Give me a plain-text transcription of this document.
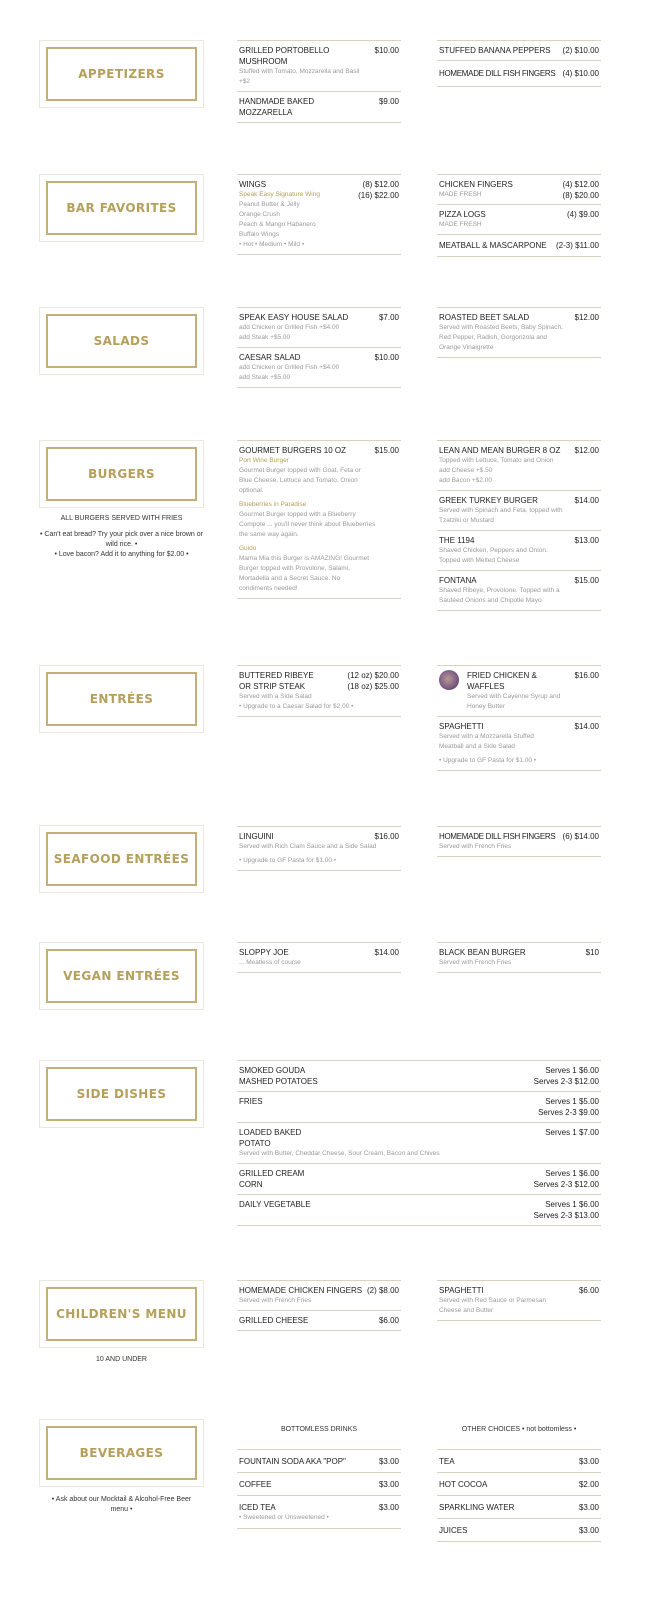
APPETIZERS
GRILLED PORTOBELLO MUSHROOM
$10.00
Stuffed with Tomato, Mozzarella and Basil +$2
HANDMADE BAKED MOZZARELLA
$9.00
STUFFED BANANA PEPPERS (2) $10.00
HOMEMADE DILL FISH FINGERS (4) $10.00
BAR FAVORITES
WINGS	(8) $12.00
(16) $22.00
Speak Easy Signature Wing
Peanut Butter & Jelly
Orange Crush
Peach & Mango Habanero
Buffalo Wings
• Hot • Medium • Mild •
CHICKEN FINGERS	(4) $12.00
(8) $20.00
MADE FRESH
PIZZA LOGS	(4) $9.00
MADE FRESH
MEATBALL & MASCARPONE (2-3) $11.00
SALADS
SPEAK EASY HOUSE SALAD	$7.00
add Chicken or Grilled Fish +$4.00
add Steak +$5.00
CAESAR SALAD	$10.00
add Chicken or Grilled Fish +$4.00
add Steak +$5.00
ROASTED BEET SALAD	$12.00
Served with Roasted Beets, Baby Spinach, Red Pepper, Radish, Gorgonzola and Orange Vinaigrette
BURGERS
ALL BURGERS SERVED WITH FRIES
• Can't eat bread? Try your pick over a nice brown or wild rice. •
• Love bacon? Add it to anything for $2.00 •
GOURMET BURGERS 10 OZ	$15.00
Port Wine Burger
Gourmet Burger topped with Goat, Feta or Blue Cheese, Lettuce and Tomato. Onion optional.
Blueberries in Paradise
Gourmet Burger topped with a Blueberry Compote ... you'll never think about Blueberries the same way again.
Guido
Mama Mia this Burger is AMAZING! Gourmet Burger topped with Provolone, Salami, Mortadella and a Secret Sauce. No condiments needed!
LEAN AND MEAN BURGER 8 OZ $12.00
Topped with Lettuce, Tomato and Onion
add Cheese +$.50
add Bacon +$2.00
GREEK TURKEY BURGER	$14.00
Served with Spinach and Feta, topped with Tzatziki or Mustard
THE 1194	$13.00
Shaved Chicken, Peppers and Onion. Topped with Melted Cheese
FONTANA	$15.00
Shaved Ribeye, Provolone. Topped with a Sautéed Onions and Chipotle Mayo
ENTRÉES
BUTTERED RIBEYE
OR STRIP STEAK
(12 oz) $20.00
(18 oz) $25.00
Served with a Side Salad
• Upgrade to a Caesar Salad for $2.00 •
FRIED CHICKEN & WAFFLES
$16.00
Served with Cayenne Syrup and Honey Butter
SPAGHETTI	$14.00
Served with a Mozzarella Stuffed Meatball and a Side Salad
• Upgrade to GF Pasta for $1.00 •
SEAFOOD ENTRÉES
LINGUINI	$16.00
Served with Rich Clam Sauce and a Side Salad
• Upgrade to GF Pasta for $1.00 •
HOMEMADE DILL FISH FINGERS (6) $14.00
Served with French Fries
VEGAN ENTRÉES
SLOPPY JOE	$14.00
... Meatless of course
BLACK BEAN BURGER	$10
Served with French Fries
SIDE DISHES
SMOKED GOUDA
MASHED POTATOES
Serves 1 $6.00
Serves 2-3 $12.00
FRIES	Serves 1 $5.00
Serves 2-3 $9.00
LOADED BAKED
POTATO
Serves 1 $7.00
Served with Butter, Cheddar Cheese, Sour Cream, Bacon and Chives
GRILLED CREAM
CORN
Serves 1 $6.00
Serves 2-3 $12.00
DAILY VEGETABLE	Serves 1 $6.00
Serves 2-3 $13.00
CHILDREN'S MENU
10 AND UNDER
HOMEMADE CHICKEN FINGERS (2) $8.00
Served with French Fries
GRILLED CHEESE	$6.00
SPAGHETTI	$6.00
Served with Red Sauce or Parmesan Cheese and Butter
BEVERAGES
• Ask about our Mocktail & Alcohol-Free Beer menu •
BOTTOMLESS DRINKS	OTHER CHOICES • not bottomless •
FOUNTAIN SODA AKA "POP"	$3.00
COFFEE	$3.00
ICED TEA	$3.00
• Sweetened or Unsweetened •
TEA	$3.00
HOT COCOA	$2.00
SPARKLING WATER	$3.00
JUICES	$3.00
